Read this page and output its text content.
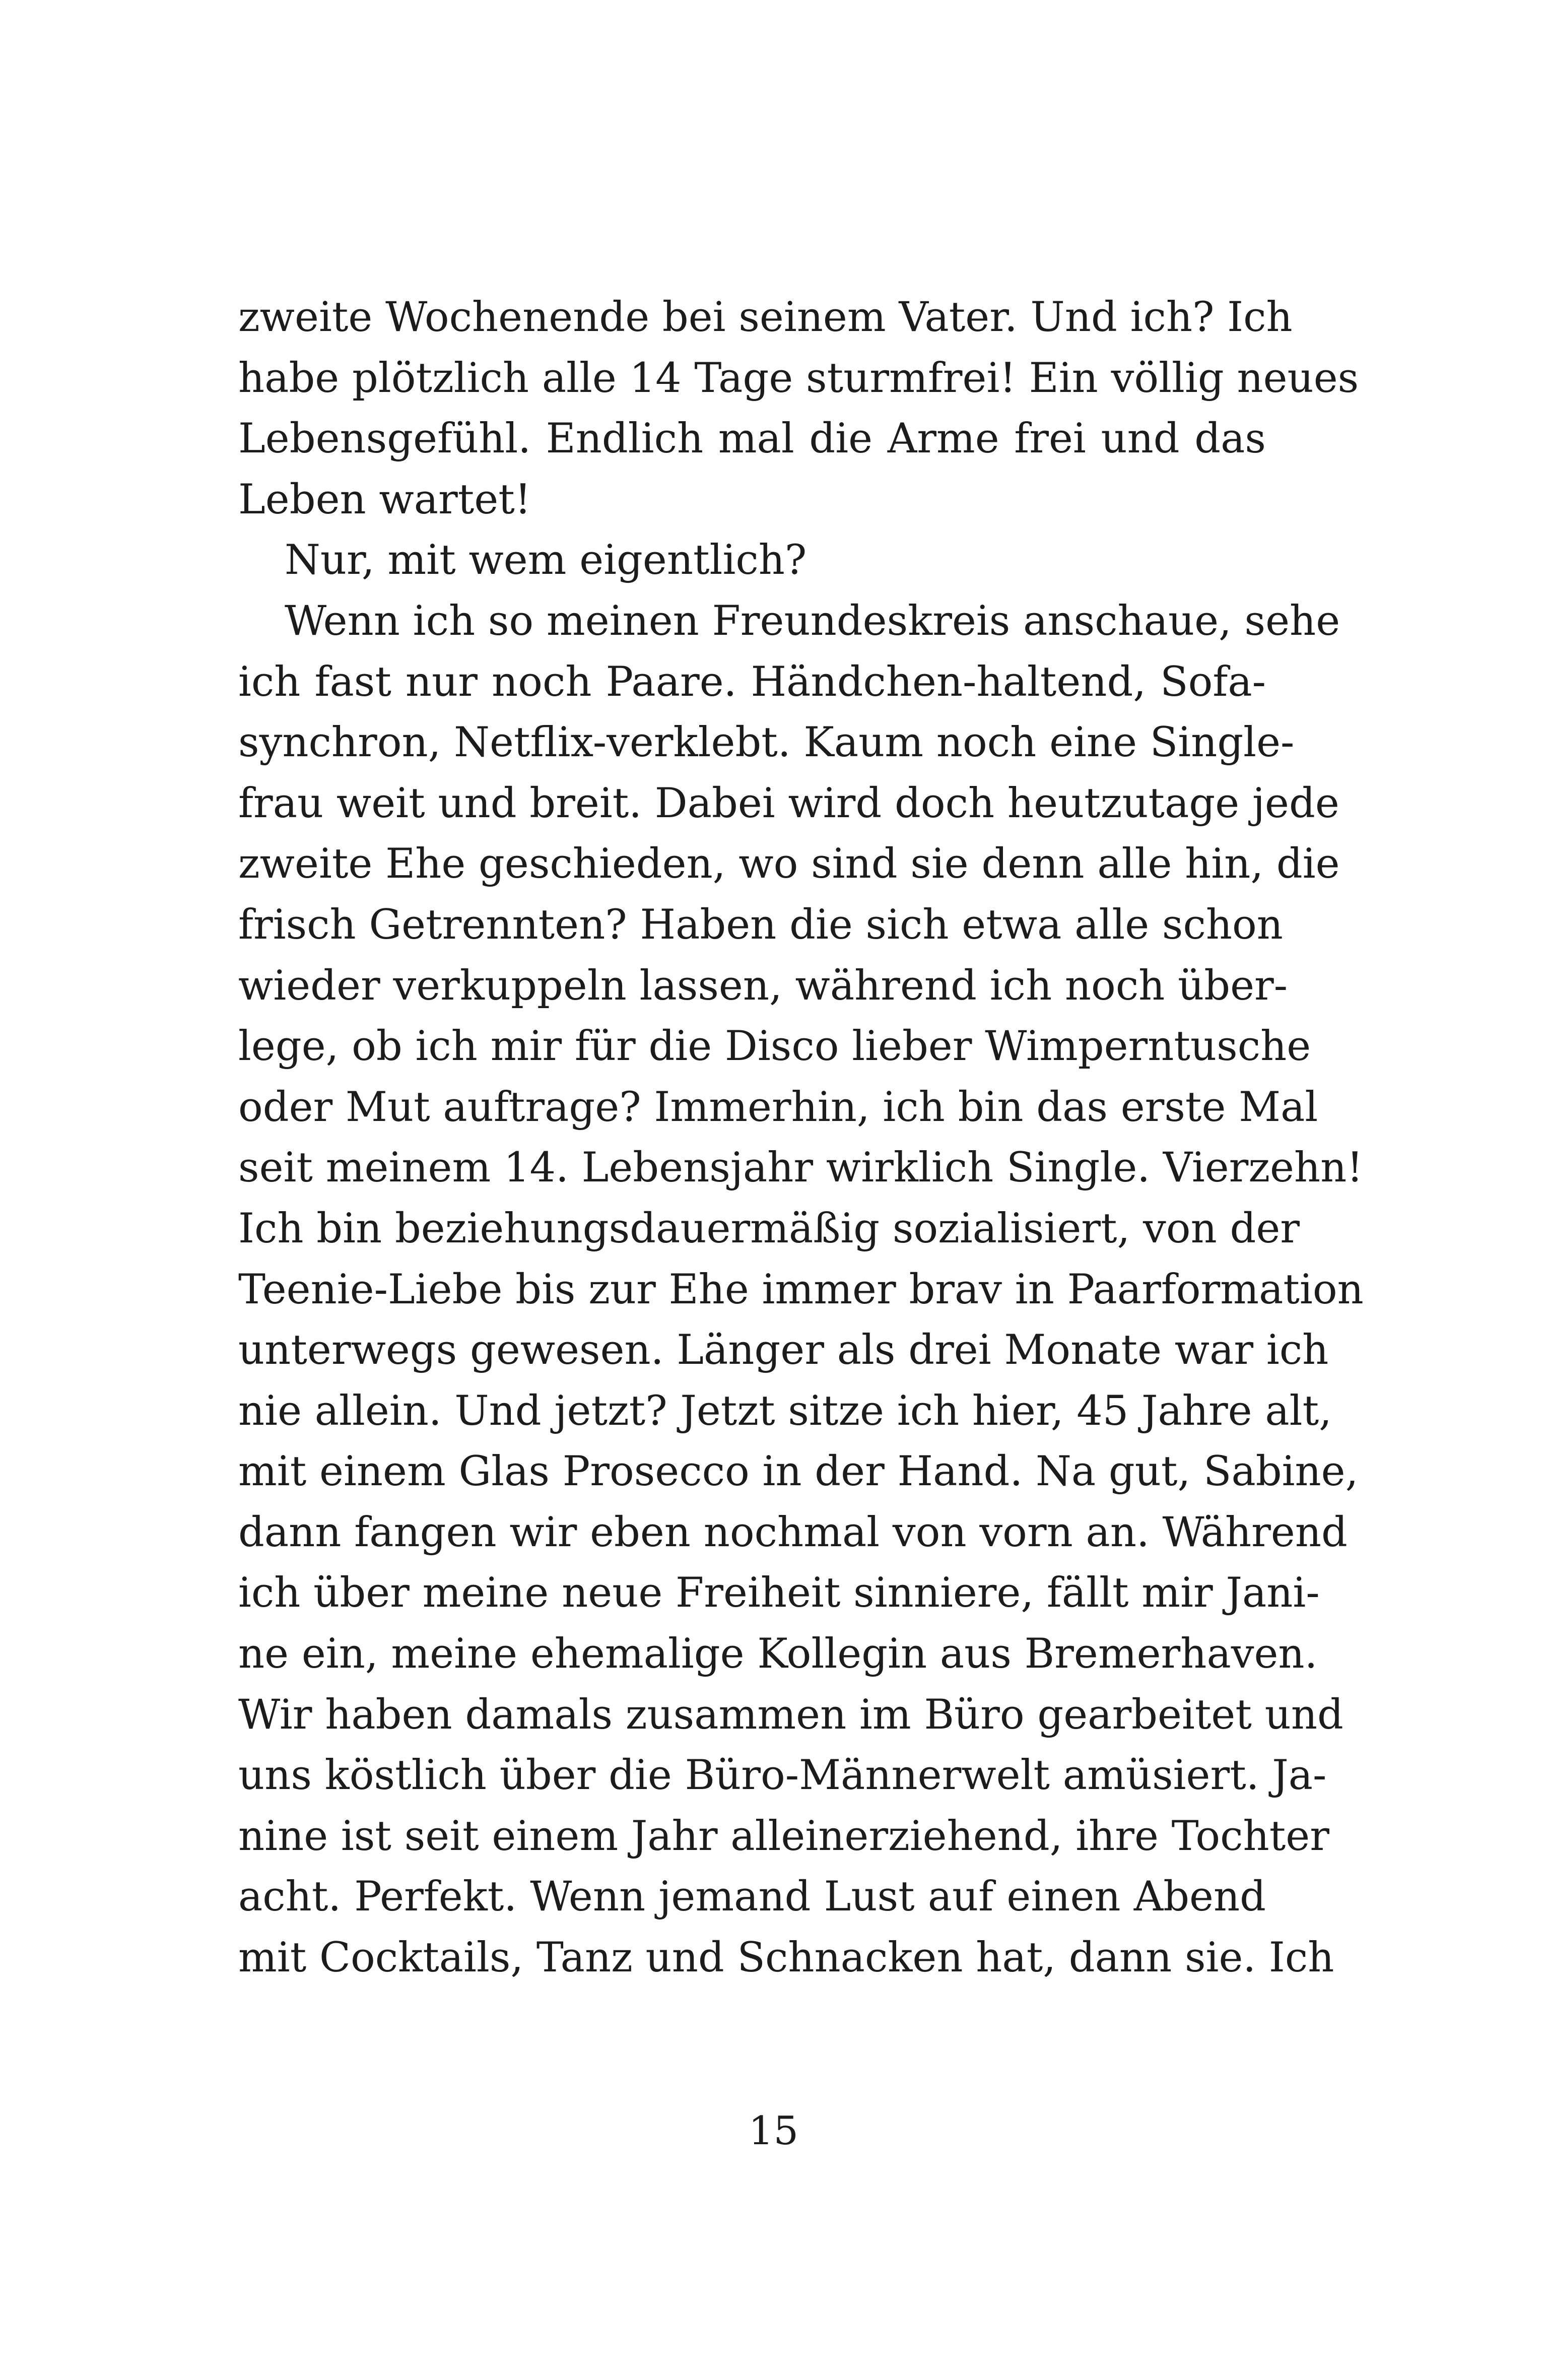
zweite Wochenende bei seinem Vater. Und ich? Ich
habe plötzlich alle 14 Tage sturmfrei! Ein völlig neues
Lebensgefühl. Endlich mal die Arme frei und das
Leben wartet!
Nur, mit wem eigentlich?
Wenn ich so meinen Freundeskreis anschaue, sehe
ich fast nur noch Paare. Händchen-haltend, Sofa-
synchron, Netflix-verklebt. Kaum noch eine Single-
frau weit und breit. Dabei wird doch heutzutage jede
zweite Ehe geschieden, wo sind sie denn alle hin, die
frisch Getrennten? Haben die sich etwa alle schon
wieder verkuppeln lassen, während ich noch über-
lege, ob ich mir für die Disco lieber Wimperntusche
oder Mut auftrage? Immerhin, ich bin das erste Mal
seit meinem 14. Lebensjahr wirklich Single. Vierzehn!
Ich bin beziehungsdauermäßig sozialisiert, von der
Teenie-Liebe bis zur Ehe immer brav in Paarformation
unterwegs gewesen. Länger als drei Monate war ich
nie allein. Und jetzt? Jetzt sitze ich hier, 45 Jahre alt,
mit einem Glas Prosecco in der Hand. Na gut, Sabine,
dann fangen wir eben nochmal von vorn an. Während
ich über meine neue Freiheit sinniere, fällt mir Jani-
ne ein, meine ehemalige Kollegin aus Bremerhaven.
Wir haben damals zusammen im Büro gearbeitet und
uns köstlich über die Büro-Männerwelt amüsiert. Ja-
nine ist seit einem Jahr alleinerziehend, ihre Tochter
acht. Perfekt. Wenn jemand Lust auf einen Abend
mit Cocktails, Tanz und Schnacken hat, dann sie. Ich
15
